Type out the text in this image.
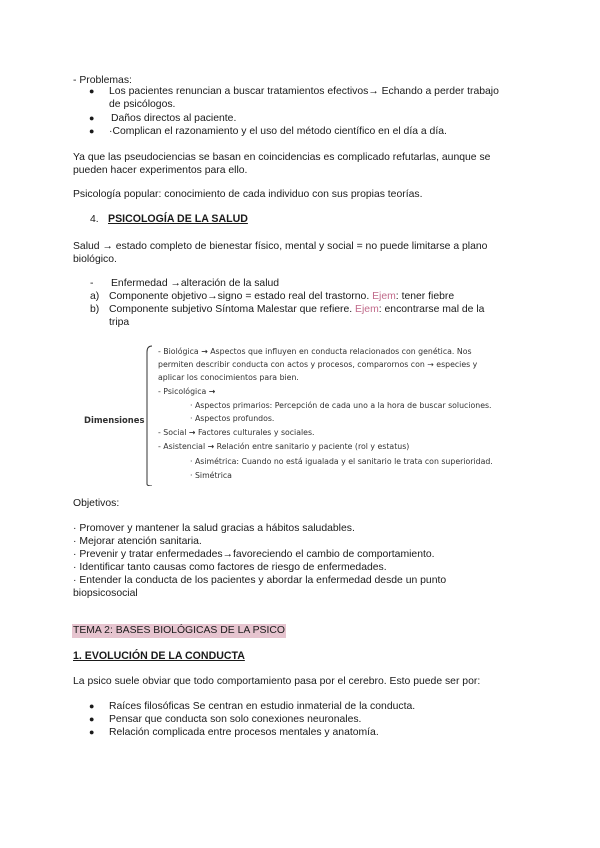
- Problemas:
● Los pacientes renuncian a buscar tratamientos efectivos→ Echando a perder trabajo
de psicólogos.
● Daños directos al paciente.
● ·Complican el razonamiento y el uso del método científico en el día a día.
Ya que las pseudociencias se basan en coincidencias es complicado refutarlas, aunque se
pueden hacer experimentos para ello.
Psicología popular: conocimiento de cada individuo con sus propias teorías.
4. PSICOLOGÍA DE LA SALUD
Salud → estado completo de bienestar físico, mental y social = no puede limitarse a plano
biológico.
- Enfermedad →alteración de la salud
a) Componente objetivo→signo = estado real del trastorno. Ejem: tener fiebre
b) Componente subjetivo Síntoma Malestar que refiere. Ejem: encontrarse mal de la
tripa
Dimensiones
- Biológica → Aspectos que influyen en conducta relacionados con genética. Nos
permiten describir conducta con actos y procesos, comparornos con → especies y
aplicar los conocimientos para bien.
- Psicológica →
· Aspectos primarios: Percepción de cada uno a la hora de buscar soluciones.
· Aspectos profundos.
- Social → Factores culturales y sociales.
- Asistencial → Relación entre sanitario y paciente (rol y estatus)
· Asimétrica: Cuando no está igualada y el sanitario le trata con superioridad.
· Simétrica
Objetivos:
· Promover y mantener la salud gracias a hábitos saludables.
· Mejorar atención sanitaria.
· Prevenir y tratar enfermedades→favoreciendo el cambio de comportamiento.
· Identificar tanto causas como factores de riesgo de enfermedades.
· Entender la conducta de los pacientes y abordar la enfermedad desde un punto
biopsicosocial
TEMA 2: BASES BIOLÓGICAS DE LA PSICO
1. EVOLUCIÓN DE LA CONDUCTA
La psico suele obviar que todo comportamiento pasa por el cerebro. Esto puede ser por:
● Raíces filosóficas Se centran en estudio inmaterial de la conducta.
● Pensar que conducta son solo conexiones neuronales.
● Relación complicada entre procesos mentales y anatomía.
